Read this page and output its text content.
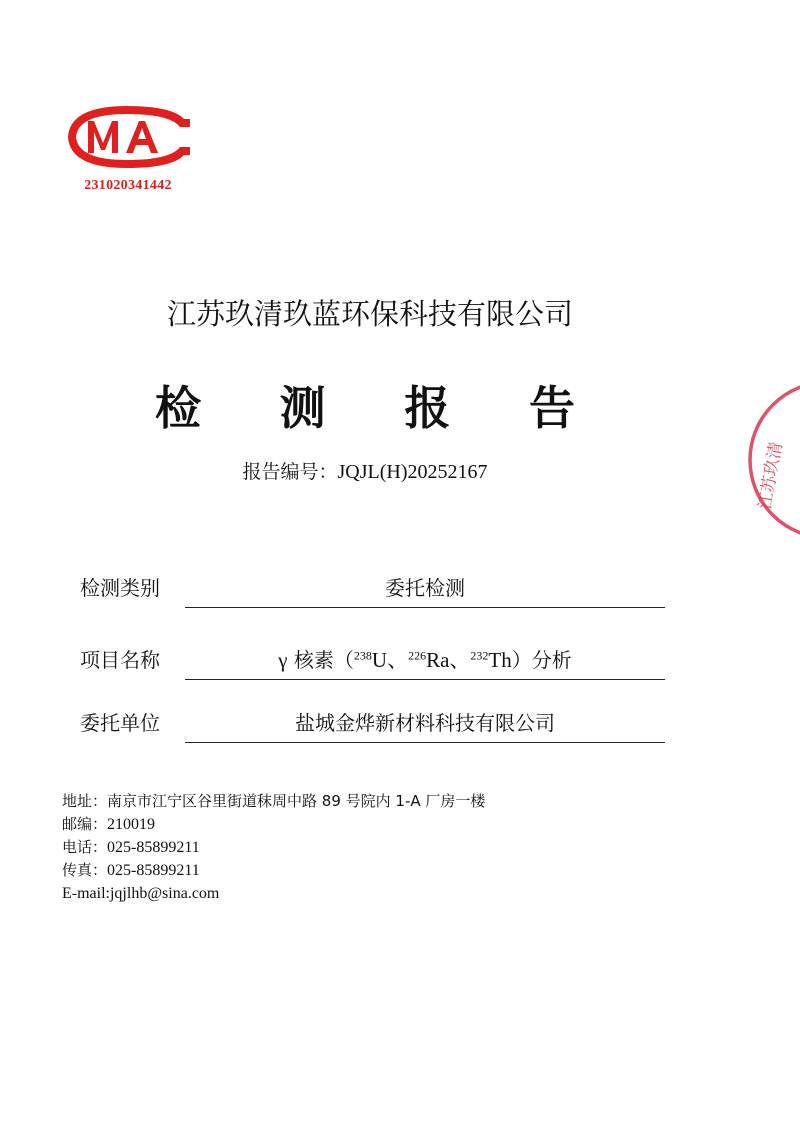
231020341442
江苏玖清玖蓝环保科技有限公司
检 测 报 告
报告编号：JQJL(H)20252167
检测类别	委托检测
项目名称	γ 核素（$^{238}$U、$^{226}$Ra、$^{232}$Th）分析
委托单位	盐城金烨新材料科技有限公司
地址：南京市江宁区谷里街道秣周中路 89 号院内 1-A 厂房一楼
邮编：210019
电话：025-85899211
传真：025-85899211
E-mail:jqjlhb@sina.com
江苏玖清
